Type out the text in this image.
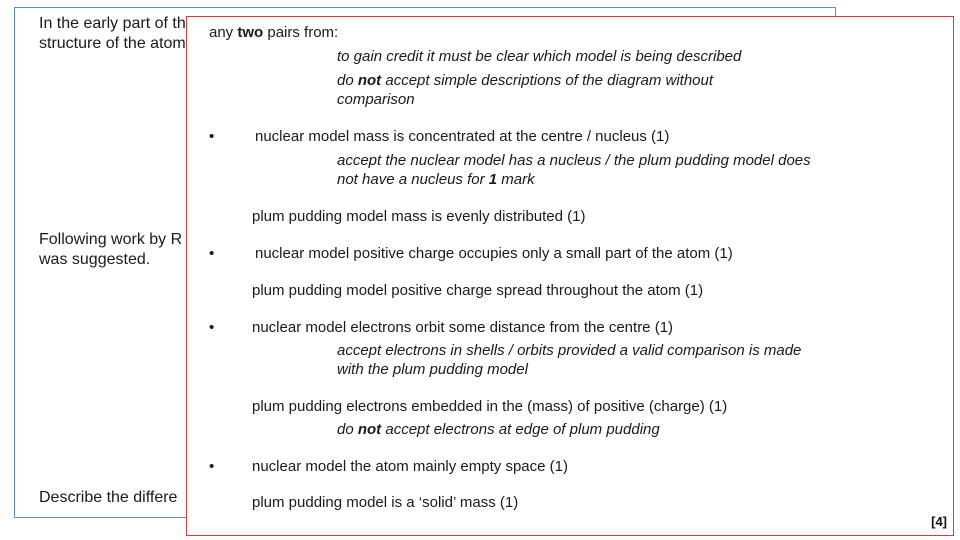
In the early part of th
structure of the atom
Following work by R
was suggested.
Describe the differe
any two pairs from:
to gain credit it must be clear which model is being described
do not accept simple descriptions of the diagram without comparison
•	nuclear model mass is concentrated at the centre / nucleus (1)
accept the nuclear model has a nucleus / the plum pudding model does not have a nucleus for 1 mark
plum pudding model mass is evenly distributed (1)
•	nuclear model positive charge occupies only a small part of the atom (1)
plum pudding model positive charge spread throughout the atom (1)
•	nuclear model electrons orbit some distance from the centre (1)
accept electrons in shells / orbits provided a valid comparison is made with the plum pudding model
plum pudding electrons embedded in the (mass) of positive (charge) (1)
do not accept electrons at edge of plum pudding
•	nuclear model the atom mainly empty space (1)
plum pudding model is a ‘solid’ mass (1)
[4]
